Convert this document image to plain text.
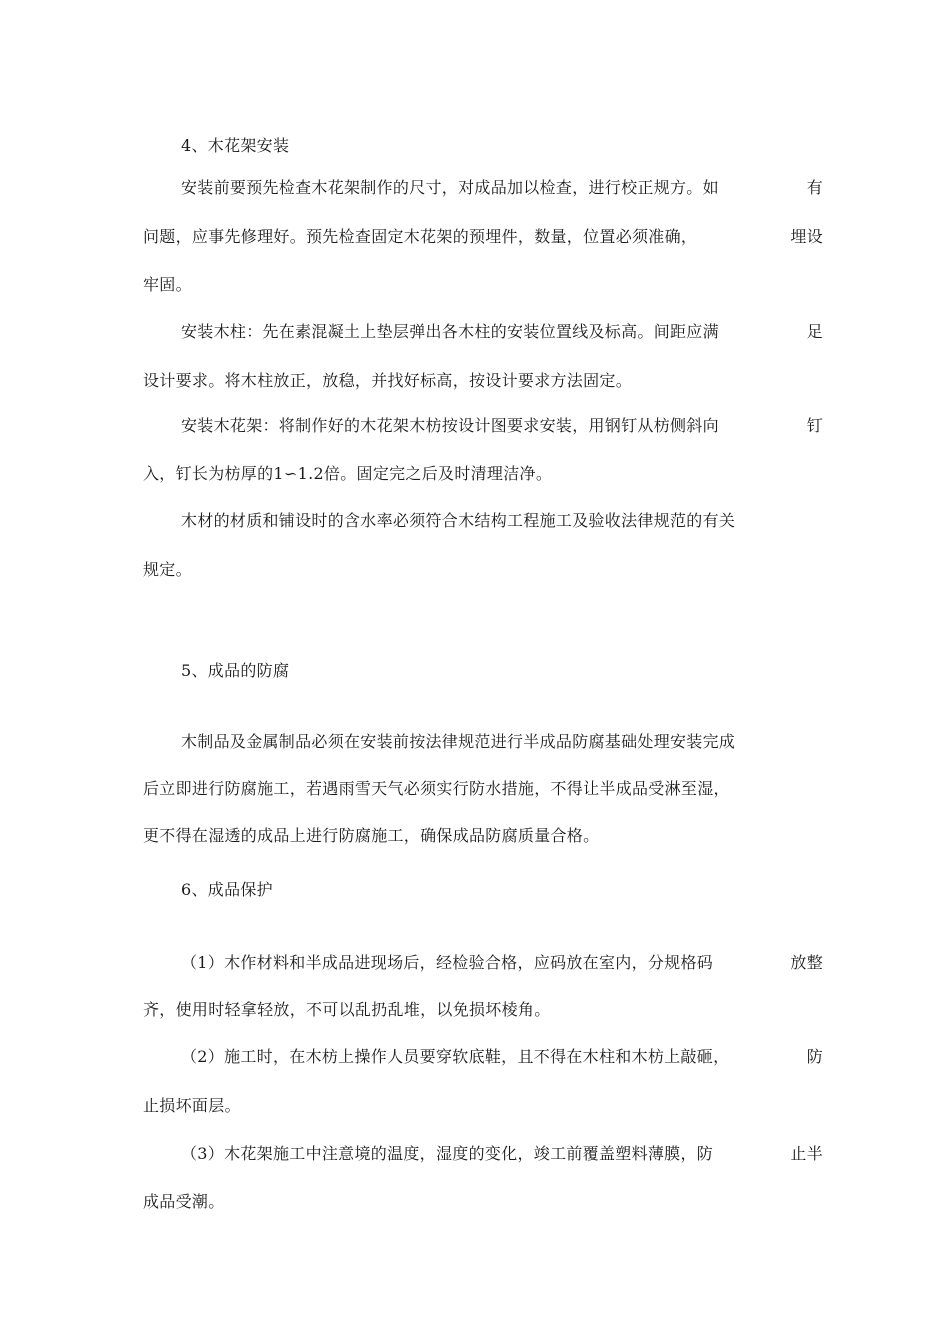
4、木花架安装
安装前要预先检查木花架制作的尺寸，对成品加以检查，进行校正规方。如	有
问题，应事先修理好。预先检查固定木花架的预埋件，数量，位置必须准确，	埋设
牢固。
安装木柱：先在素混凝土上垫层弹出各木柱的安装位置线及标高。间距应满	足
设计要求。将木柱放正，放稳，并找好标高，按设计要求方法固定。
安装木花架：将制作好的木花架木枋按设计图要求安装，用钢钉从枋侧斜向	钉
入，钉长为枋厚的1∽1.2倍。固定完之后及时清理洁净。
木材的材质和铺设时的含水率必须符合木结构工程施工及验收法律规范的有关
规定。
5、成品的防腐
木制品及金属制品必须在安装前按法律规范进行半成品防腐基础处理安装完成
后立即进行防腐施工，若遇雨雪天气必须实行防水措施，不得让半成品受淋至湿，
更不得在湿透的成品上进行防腐施工，确保成品防腐质量合格。
6、成品保护
（1）木作材料和半成品进现场后，经检验合格，应码放在室内，分规格码	放整
齐，使用时轻拿轻放，不可以乱扔乱堆，以免损坏棱角。
（2）施工时，在木枋上操作人员要穿软底鞋，且不得在木柱和木枋上敲砸，	防
止损坏面层。
（3）木花架施工中注意境的温度，湿度的变化，竣工前覆盖塑料薄膜，防	止半
成品受潮。
